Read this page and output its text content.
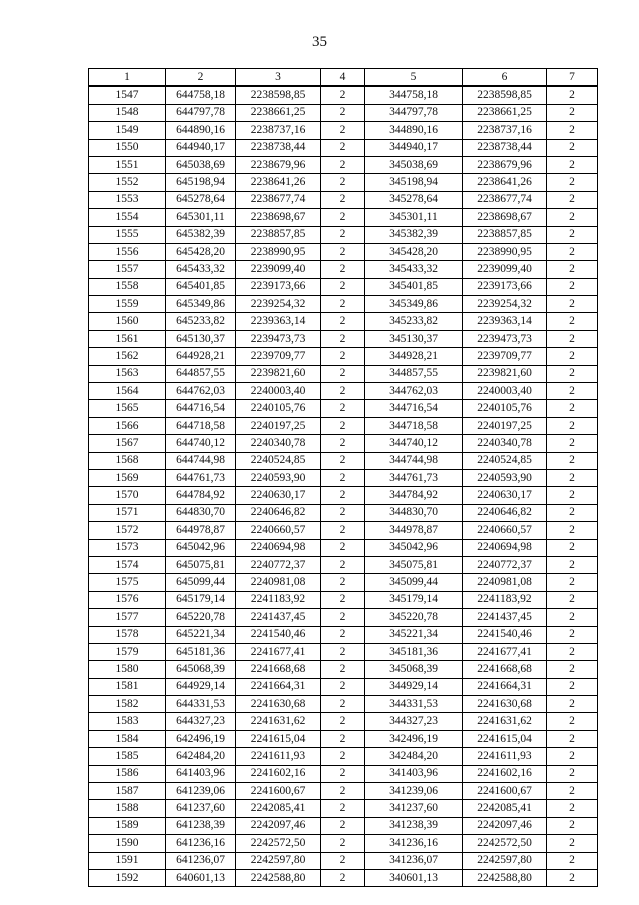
35
1	2	3	4	5	6	7
1547	644758,18	2238598,85	2	344758,18	2238598,85	2
1548	644797,78	2238661,25	2	344797,78	2238661,25	2
1549	644890,16	2238737,16	2	344890,16	2238737,16	2
1550	644940,17	2238738,44	2	344940,17	2238738,44	2
1551	645038,69	2238679,96	2	345038,69	2238679,96	2
1552	645198,94	2238641,26	2	345198,94	2238641,26	2
1553	645278,64	2238677,74	2	345278,64	2238677,74	2
1554	645301,11	2238698,67	2	345301,11	2238698,67	2
1555	645382,39	2238857,85	2	345382,39	2238857,85	2
1556	645428,20	2238990,95	2	345428,20	2238990,95	2
1557	645433,32	2239099,40	2	345433,32	2239099,40	2
1558	645401,85	2239173,66	2	345401,85	2239173,66	2
1559	645349,86	2239254,32	2	345349,86	2239254,32	2
1560	645233,82	2239363,14	2	345233,82	2239363,14	2
1561	645130,37	2239473,73	2	345130,37	2239473,73	2
1562	644928,21	2239709,77	2	344928,21	2239709,77	2
1563	644857,55	2239821,60	2	344857,55	2239821,60	2
1564	644762,03	2240003,40	2	344762,03	2240003,40	2
1565	644716,54	2240105,76	2	344716,54	2240105,76	2
1566	644718,58	2240197,25	2	344718,58	2240197,25	2
1567	644740,12	2240340,78	2	344740,12	2240340,78	2
1568	644744,98	2240524,85	2	344744,98	2240524,85	2
1569	644761,73	2240593,90	2	344761,73	2240593,90	2
1570	644784,92	2240630,17	2	344784,92	2240630,17	2
1571	644830,70	2240646,82	2	344830,70	2240646,82	2
1572	644978,87	2240660,57	2	344978,87	2240660,57	2
1573	645042,96	2240694,98	2	345042,96	2240694,98	2
1574	645075,81	2240772,37	2	345075,81	2240772,37	2
1575	645099,44	2240981,08	2	345099,44	2240981,08	2
1576	645179,14	2241183,92	2	345179,14	2241183,92	2
1577	645220,78	2241437,45	2	345220,78	2241437,45	2
1578	645221,34	2241540,46	2	345221,34	2241540,46	2
1579	645181,36	2241677,41	2	345181,36	2241677,41	2
1580	645068,39	2241668,68	2	345068,39	2241668,68	2
1581	644929,14	2241664,31	2	344929,14	2241664,31	2
1582	644331,53	2241630,68	2	344331,53	2241630,68	2
1583	644327,23	2241631,62	2	344327,23	2241631,62	2
1584	642496,19	2241615,04	2	342496,19	2241615,04	2
1585	642484,20	2241611,93	2	342484,20	2241611,93	2
1586	641403,96	2241602,16	2	341403,96	2241602,16	2
1587	641239,06	2241600,67	2	341239,06	2241600,67	2
1588	641237,60	2242085,41	2	341237,60	2242085,41	2
1589	641238,39	2242097,46	2	341238,39	2242097,46	2
1590	641236,16	2242572,50	2	341236,16	2242572,50	2
1591	641236,07	2242597,80	2	341236,07	2242597,80	2
1592	640601,13	2242588,80	2	340601,13	2242588,80	2
